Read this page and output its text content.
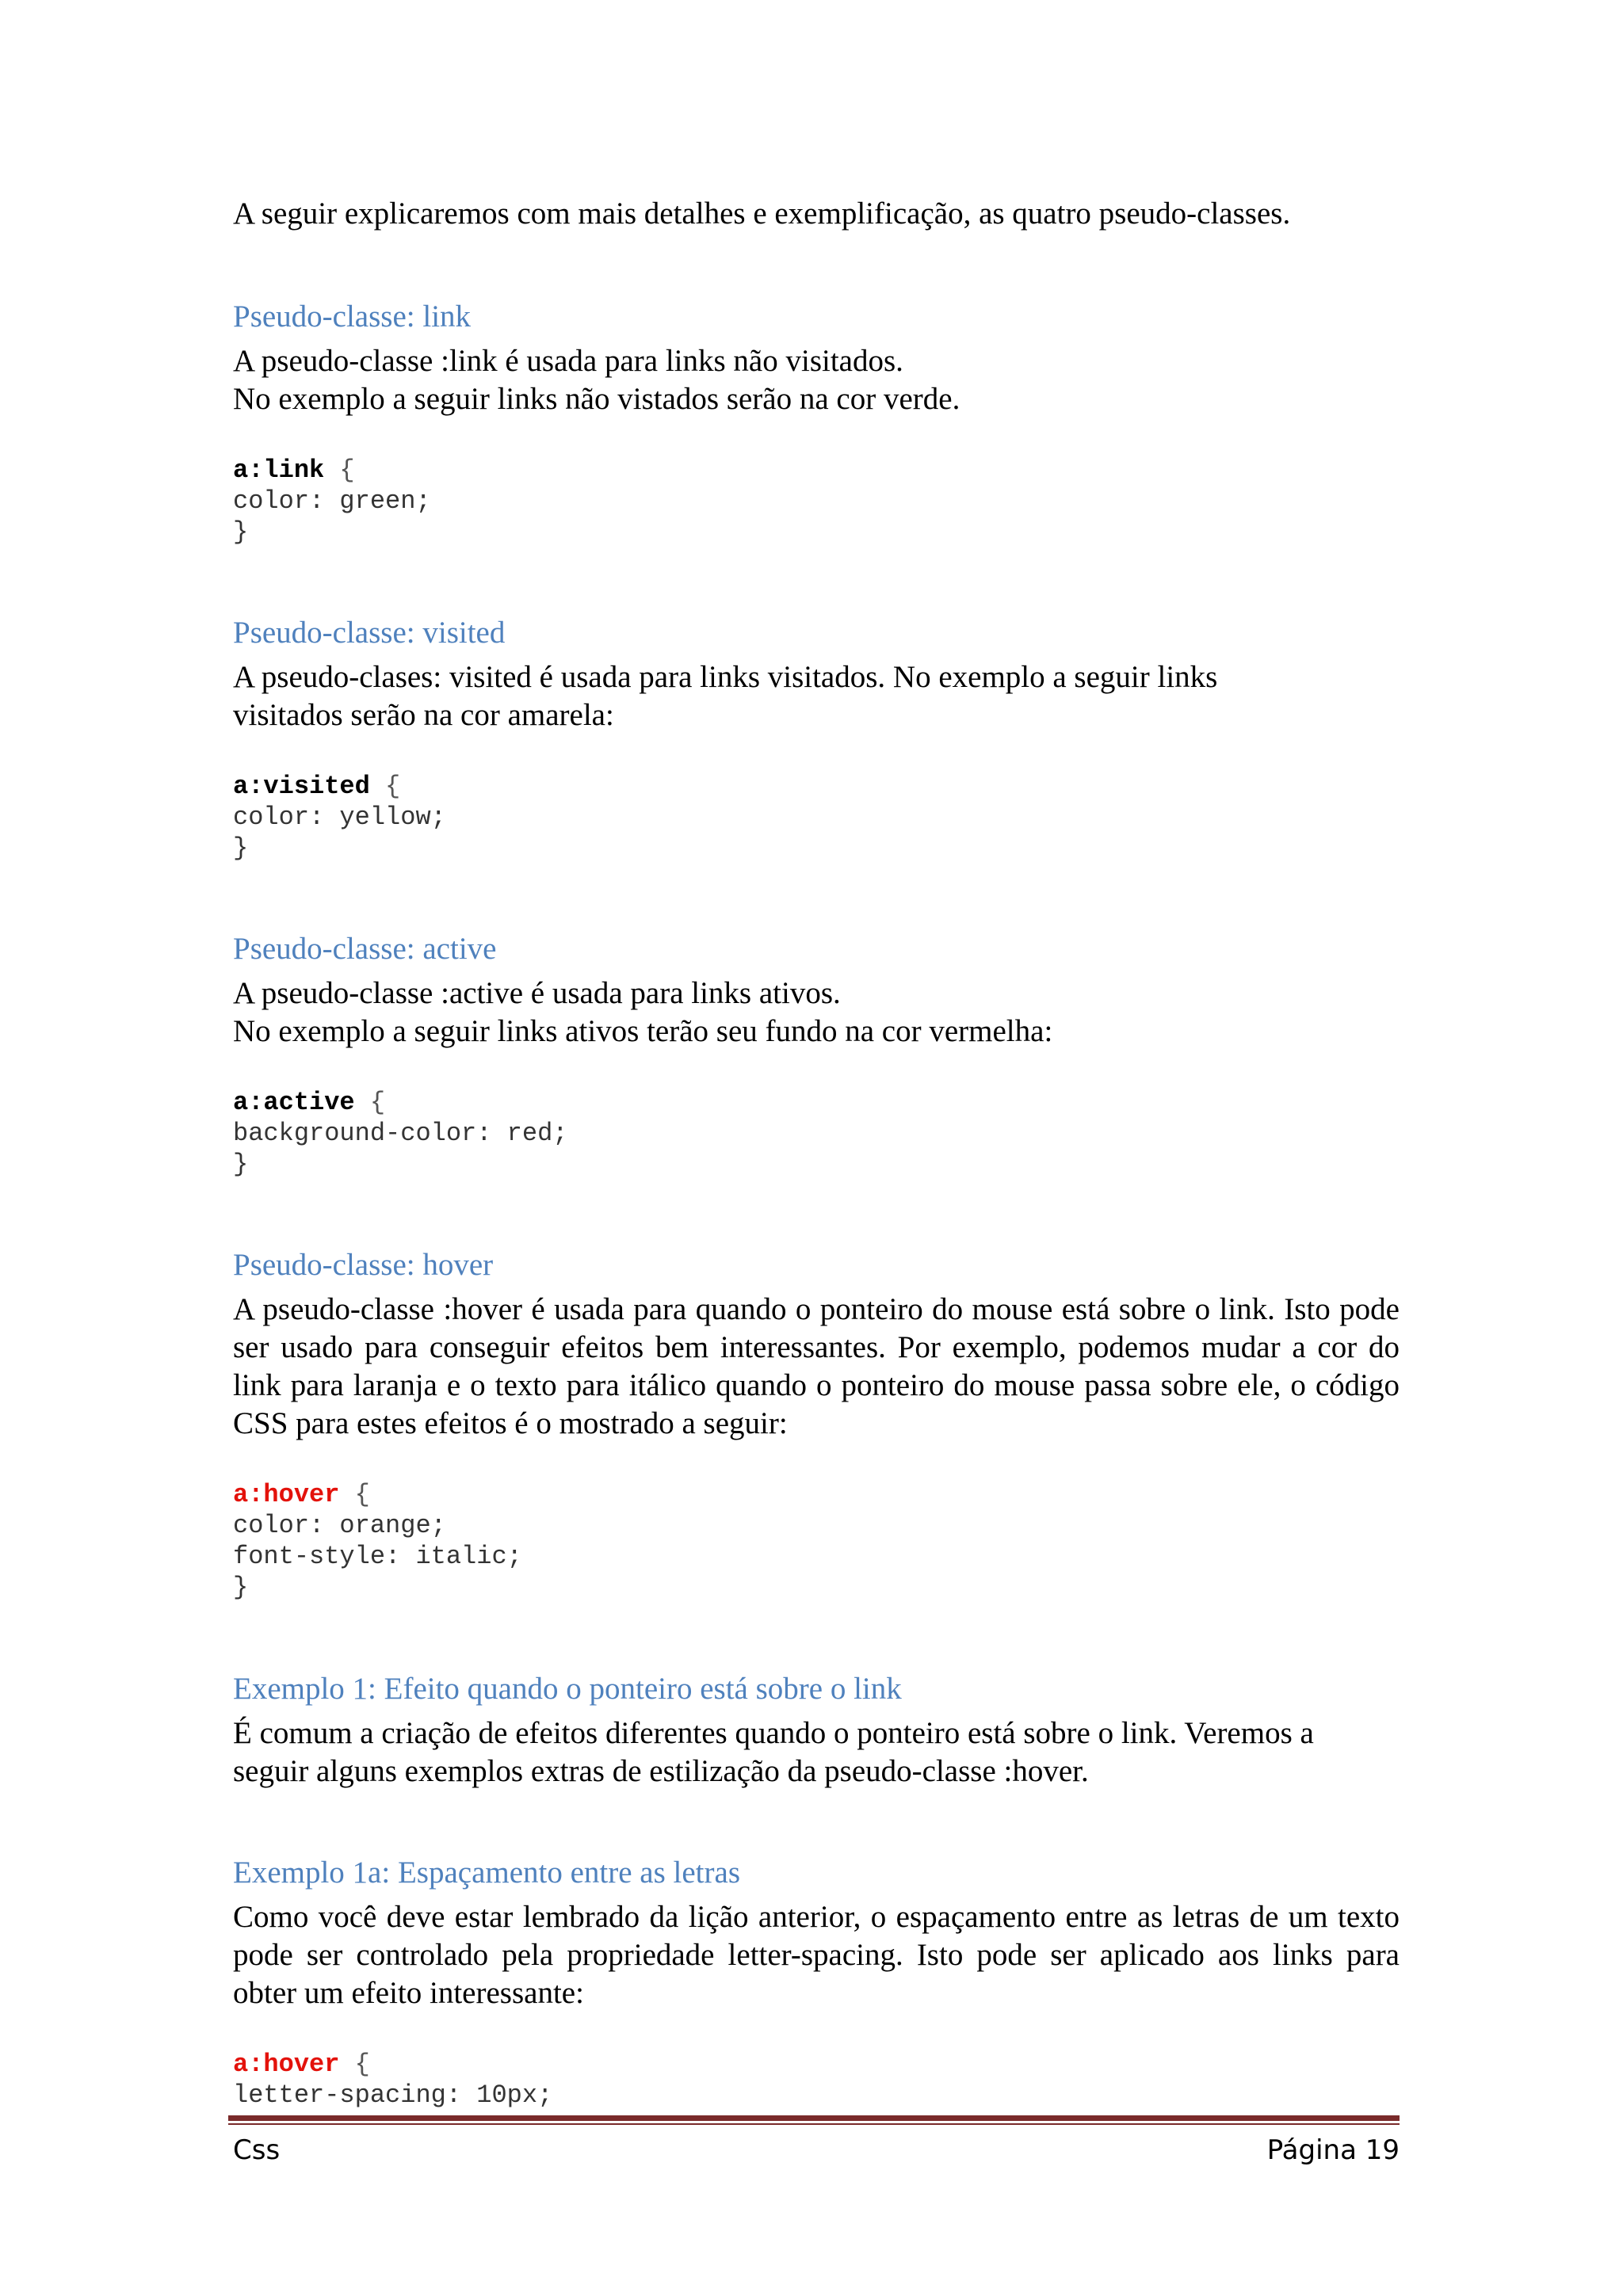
A seguir explicaremos com mais detalhes e exemplificação, as quatro pseudo-classes.

Pseudo-classe: link

A pseudo-classe :link é usada para links não visitados.

No exemplo a seguir links não vistados serão na cor verde.

a:link {

color: green;

}

Pseudo-classe: visited

A pseudo-clases: visited é usada para links visitados. No exemplo a seguir links

visitados serão na cor amarela:

a:visited {

color: yellow;

}

Pseudo-classe: active

A pseudo-classe :active é usada para links ativos.

No exemplo a seguir links ativos terão seu fundo na cor vermelha:

a:active {

background-color: red;

}

Pseudo-classe: hover

A pseudo-classe :hover é usada para quando o ponteiro do mouse está sobre o link. Isto pode ser usado para conseguir efeitos bem interessantes. Por exemplo, podemos mudar a cor do link para laranja e o texto para itálico quando o ponteiro do mouse passa sobre ele, o código CSS para estes efeitos é o mostrado a seguir:

a:hover {

color: orange;

font-style: italic;

}

Exemplo 1: Efeito quando o ponteiro está sobre o link

É comum a criação de efeitos diferentes quando o ponteiro está sobre o link. Veremos a

seguir alguns exemplos extras de estilização da pseudo-classe :hover.

Exemplo 1a: Espaçamento entre as letras

Como você deve estar lembrado da lição anterior, o espaçamento entre as letras de um texto pode ser controlado pela propriedade letter-spacing. Isto pode ser aplicado aos links para obter um efeito interessante:

a:hover {

letter-spacing: 10px;

Css	Página 19
